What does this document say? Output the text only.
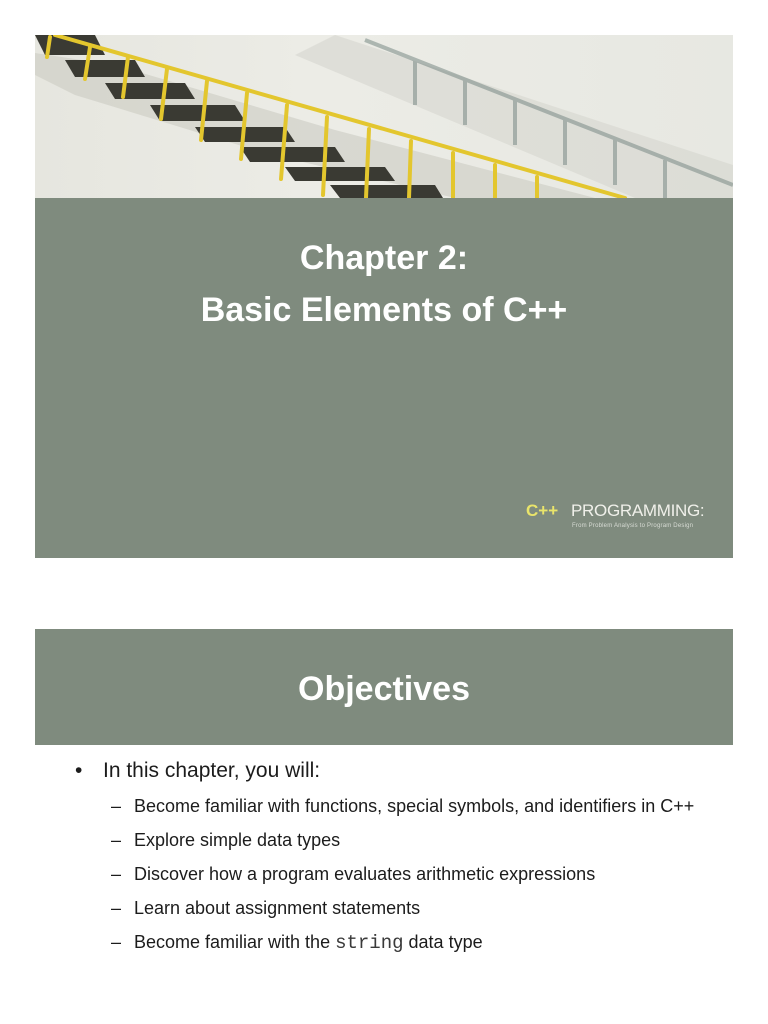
Chapter 2:
Basic Elements of C++
C++ PROGRAMMING:
From Problem Analysis to Program Design
Objectives
• In this chapter, you will:
– Become familiar with functions, special symbols, and identifiers in C++
– Explore simple data types
– Discover how a program evaluates arithmetic expressions
– Learn about assignment statements
– Become familiar with the string data type
